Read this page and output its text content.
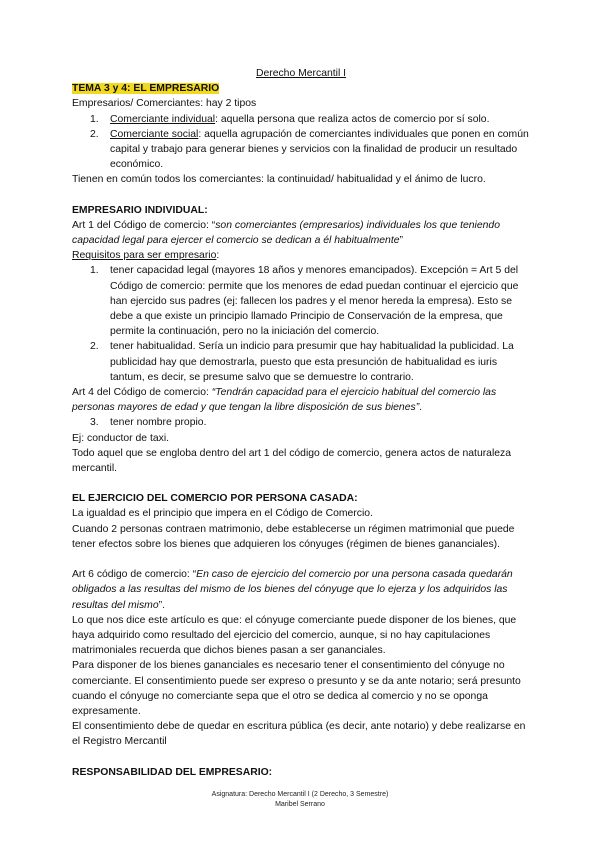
Derecho Mercantil I
TEMA 3 y 4: EL EMPRESARIO
Empresarios/ Comerciantes: hay 2 tipos
1. Comerciante individual: aquella persona que realiza actos de comercio por sí solo.
2. Comerciante social: aquella agrupación de comerciantes individuales que ponen en común capital y trabajo para generar bienes y servicios con la finalidad de producir un resultado económico.
Tienen en común todos los comerciantes: la continuidad/ habitualidad y el ánimo de lucro.
EMPRESARIO INDIVIDUAL:
Art 1 del Código de comercio: “son comerciantes (empresarios) individuales los que teniendo capacidad legal para ejercer el comercio se dedican a él habitualmente”
Requisitos para ser empresario:
1. tener capacidad legal (mayores 18 años y menores emancipados). Excepción = Art 5 del Código de comercio: permite que los menores de edad puedan continuar el ejercicio que han ejercido sus padres (ej: fallecen los padres y el menor hereda la empresa). Esto se debe a que existe un principio llamado Principio de Conservación de la empresa, que permite la continuación, pero no la iniciación del comercio.
2. tener habitualidad. Sería un indicio para presumir que hay habitualidad la publicidad. La publicidad hay que demostrarla, puesto que esta presunción de habitualidad es iuris tantum, es decir, se presume salvo que se demuestre lo contrario.
Art 4 del Código de comercio: “Tendrán capacidad para el ejercicio habitual del comercio las personas mayores de edad y que tengan la libre disposición de sus bienes”.
3. tener nombre propio.
Ej: conductor de taxi.
Todo aquel que se engloba dentro del art 1 del código de comercio, genera actos de naturaleza mercantil.
EL EJERCICIO DEL COMERCIO POR PERSONA CASADA:
La igualdad es el principio que impera en el Código de Comercio.
Cuando 2 personas contraen matrimonio, debe establecerse un régimen matrimonial que puede tener efectos sobre los bienes que adquieren los cónyuges (régimen de bienes gananciales).
Art 6 código de comercio: “En caso de ejercicio del comercio por una persona casada quedarán obligados a las resultas del mismo de los bienes del cónyuge que lo ejerza y los adquiridos las resultas del mismo”.
Lo que nos dice este artículo es que: el cónyuge comerciante puede disponer de los bienes, que haya adquirido como resultado del ejercicio del comercio, aunque, si no hay capitulaciones matrimoniales recuerda que dichos bienes pasan a ser gananciales.
Para disponer de los bienes gananciales es necesario tener el consentimiento del cónyuge no comerciante. El consentimiento puede ser expreso o presunto y se da ante notario; será presunto cuando el cónyuge no comerciante sepa que el otro se dedica al comercio y no se oponga expresamente.
El consentimiento debe de quedar en escritura pública (es decir, ante notario) y debe realizarse en el Registro Mercantil
RESPONSABILIDAD DEL EMPRESARIO:
Asignatura: Derecho Mercantil I (2 Derecho, 3 Semestre)
Maribel Serrano
